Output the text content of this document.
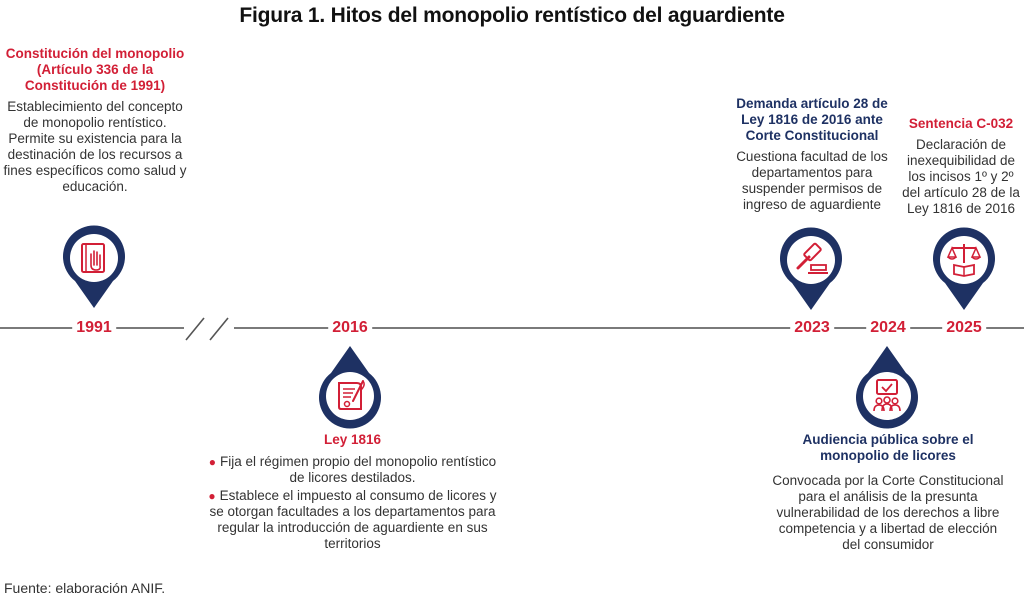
Figura 1. Hitos del monopolio rentístico del aguardiente
1991	2016	2023	2024	2025
Constitución del monopolio (Artículo 336 de la Constitución de 1991)
Establecimiento del concepto de monopolio rentístico. Permite su existencia para la destinación de los recursos a fines específicos como salud y educación.
Ley 1816
● Fija el régimen propio del monopolio rentístico de licores destilados.
● Establece el impuesto al consumo de licores y se otorgan facultades a los departamentos para regular la introducción de aguardiente en sus territorios
Demanda artículo 28 de Ley 1816 de 2016 ante Corte Constitucional
Cuestiona facultad de los departamentos para suspender permisos de ingreso de aguardiente
Audiencia pública sobre el monopolio de licores
Convocada por la Corte Constitucional para el análisis de la presunta vulnerabilidad de los derechos a libre competencia y a libertad de elección del consumidor
Sentencia C-032
Declaración de inexequibilidad de los incisos 1º y 2º del artículo 28 de la Ley 1816 de 2016
Fuente: elaboración ANIF.
